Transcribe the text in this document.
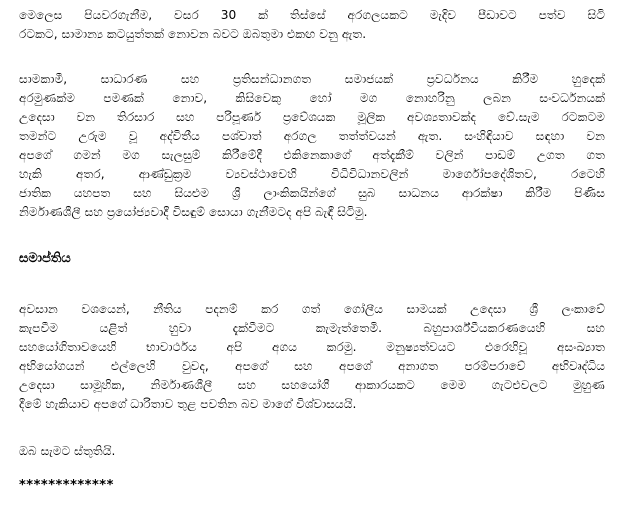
මෙලෙස පියවරගැනීම, වසර 30 ක් තිස්සේ අරගලයකට මැදිව පීඩාවට පත්ව සිටි
රටකට, සාමාන්‍ය කටයුත්තක් නොවන බවට ඔබතුමා එකඟ වනු ඇත.
සාමකාමී, සාධාරණ සහ ප්‍රතිසන්ධානගත සමාජයක් ප්‍රවර්ධනය කිරීම හුදෙක්
අරමුණක්ම පමණක් නොව, කිසිවෙකු හෝ මග නොහරිනු ලබන සංවර්ධනයක්
උදෙසා වන තිරසාර සහ පරිපූර්ණ ප්‍රවේශයක මූලික අවශ්‍යතාවක්ද වේ.සැම රටකටම
තමන්ට උරුම වූ අද්විතීය පශ්චාත් අරගල තත්ත්වයන් ඇත. සංහිඳියාව සඳහා වන
අපගේ ගමන් මග සැලසුම් කිරීමේදී එකිනෙකාගේ අත්දැකීම් වලින් පාඩම් උගත ගත
හැකි අතර, ආණ්ඩුක්‍රම ව්‍යවස්ථාවෙහි විධිවිධානවලින් මාර්ගෝපදේශිතව, රටෙහි
ජාතික යහපත සහ සියළුම ශ්‍රී ලාංකිකයින්ගේ සුබ සාධනය ආරක්ෂා කිරීම පිණිස
නිර්මාණශීලී සහ ප්‍රයෝජ්‍යවාදී විසඳුම් සොයා ගැනීමටද අපි බැඳී සිටිමු.
සමාප්තිය
අවසාන වශයෙන්, නීතිය පදනම් කර ගත් ගෝලීය සාමයක් උදෙසා ශ්‍රී ලංකාවේ
කැපවීම යළිත් හුවා දැක්වීමට කැමැත්තෙමි. බහුපාර්ශ්වීයකරණයෙහි සහ
සහයෝගිතාවයෙහි භාවාර්ථය අපි අගය කරමු. මනුෂ්‍යත්වයට එරෙහිවූ අසංඛ්‍යාත
අභියෝගයන් එල්ලෙහි වුවද, අපගේ සහ අපගේ අනාගත පරම්පරාවේ අභිවෘද්ධිය
උදෙසා සාමූහික, නිර්මාණශීලී සහ සහයෝගී ආකාරයකට මෙම ගැටළුවලට මුහුණ
දීමේ හැකියාව අපගේ ධාරිතාව තුළ පවතින බව මාගේ විශ්වාසයයි.

ඔබ සැමට ස්තුතියි.

*************
